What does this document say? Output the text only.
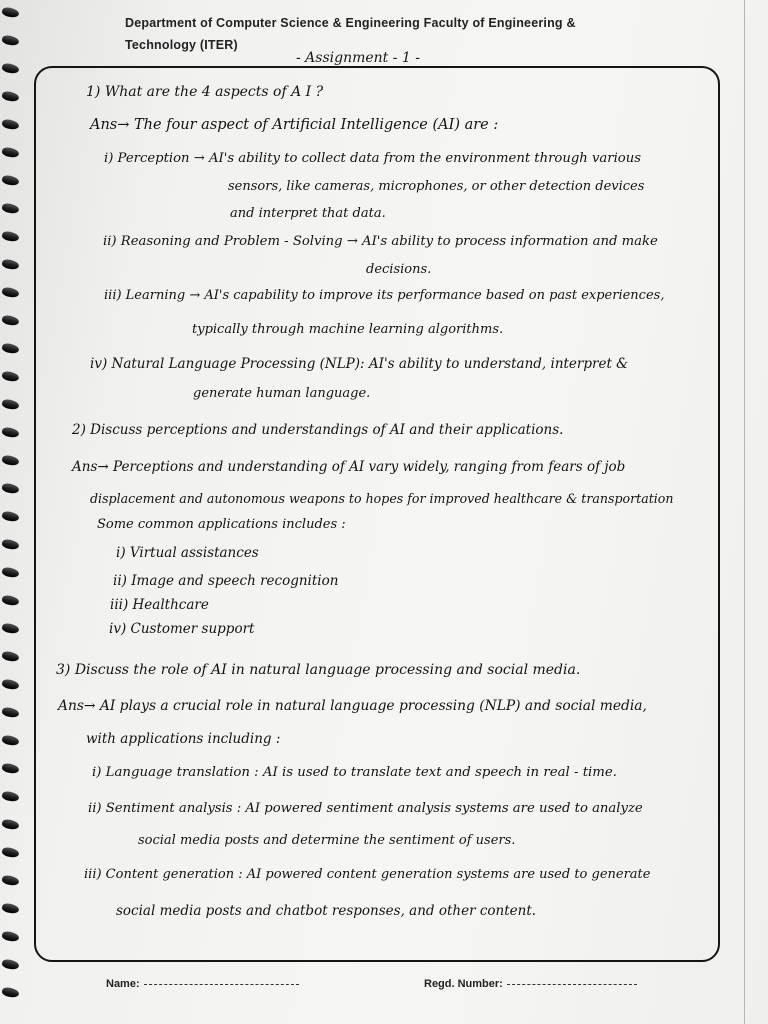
Department of Computer Science & Engineering Faculty of Engineering &
Technology (ITER)
- Assignment - 1 -
1) What are the 4 aspects of A I ?
Ans→ The four aspect of Artificial Intelligence (AI) are :
i) Perception → AI's ability to collect data from the environment through various
sensors, like cameras, microphones, or other detection devices
and interpret that data.
ii) Reasoning and Problem - Solving → AI's ability to process information and make
decisions.
iii) Learning → AI's capability to improve its performance based on past experiences,
typically through machine learning algorithms.
iv) Natural Language Processing (NLP): AI's ability to understand, interpret &
generate human language.
2) Discuss perceptions and understandings of AI and their applications.
Ans→ Perceptions and understanding of AI vary widely, ranging from fears of job
displacement and autonomous weapons to hopes for improved healthcare & transportation
Some common applications includes :
i) Virtual assistances
ii) Image and speech recognition
iii) Healthcare
iv) Customer support
3) Discuss the role of AI in natural language processing and social media.
Ans→ AI plays a crucial role in natural language processing (NLP) and social media,
with applications including :
i) Language translation : AI is used to translate text and speech in real - time.
ii) Sentiment analysis : AI powered sentiment analysis systems are used to analyze
social media posts and determine the sentiment of users.
iii) Content generation : AI powered content generation systems are used to generate
social media posts and chatbot responses, and other content.
Name:	Regd. Number:
